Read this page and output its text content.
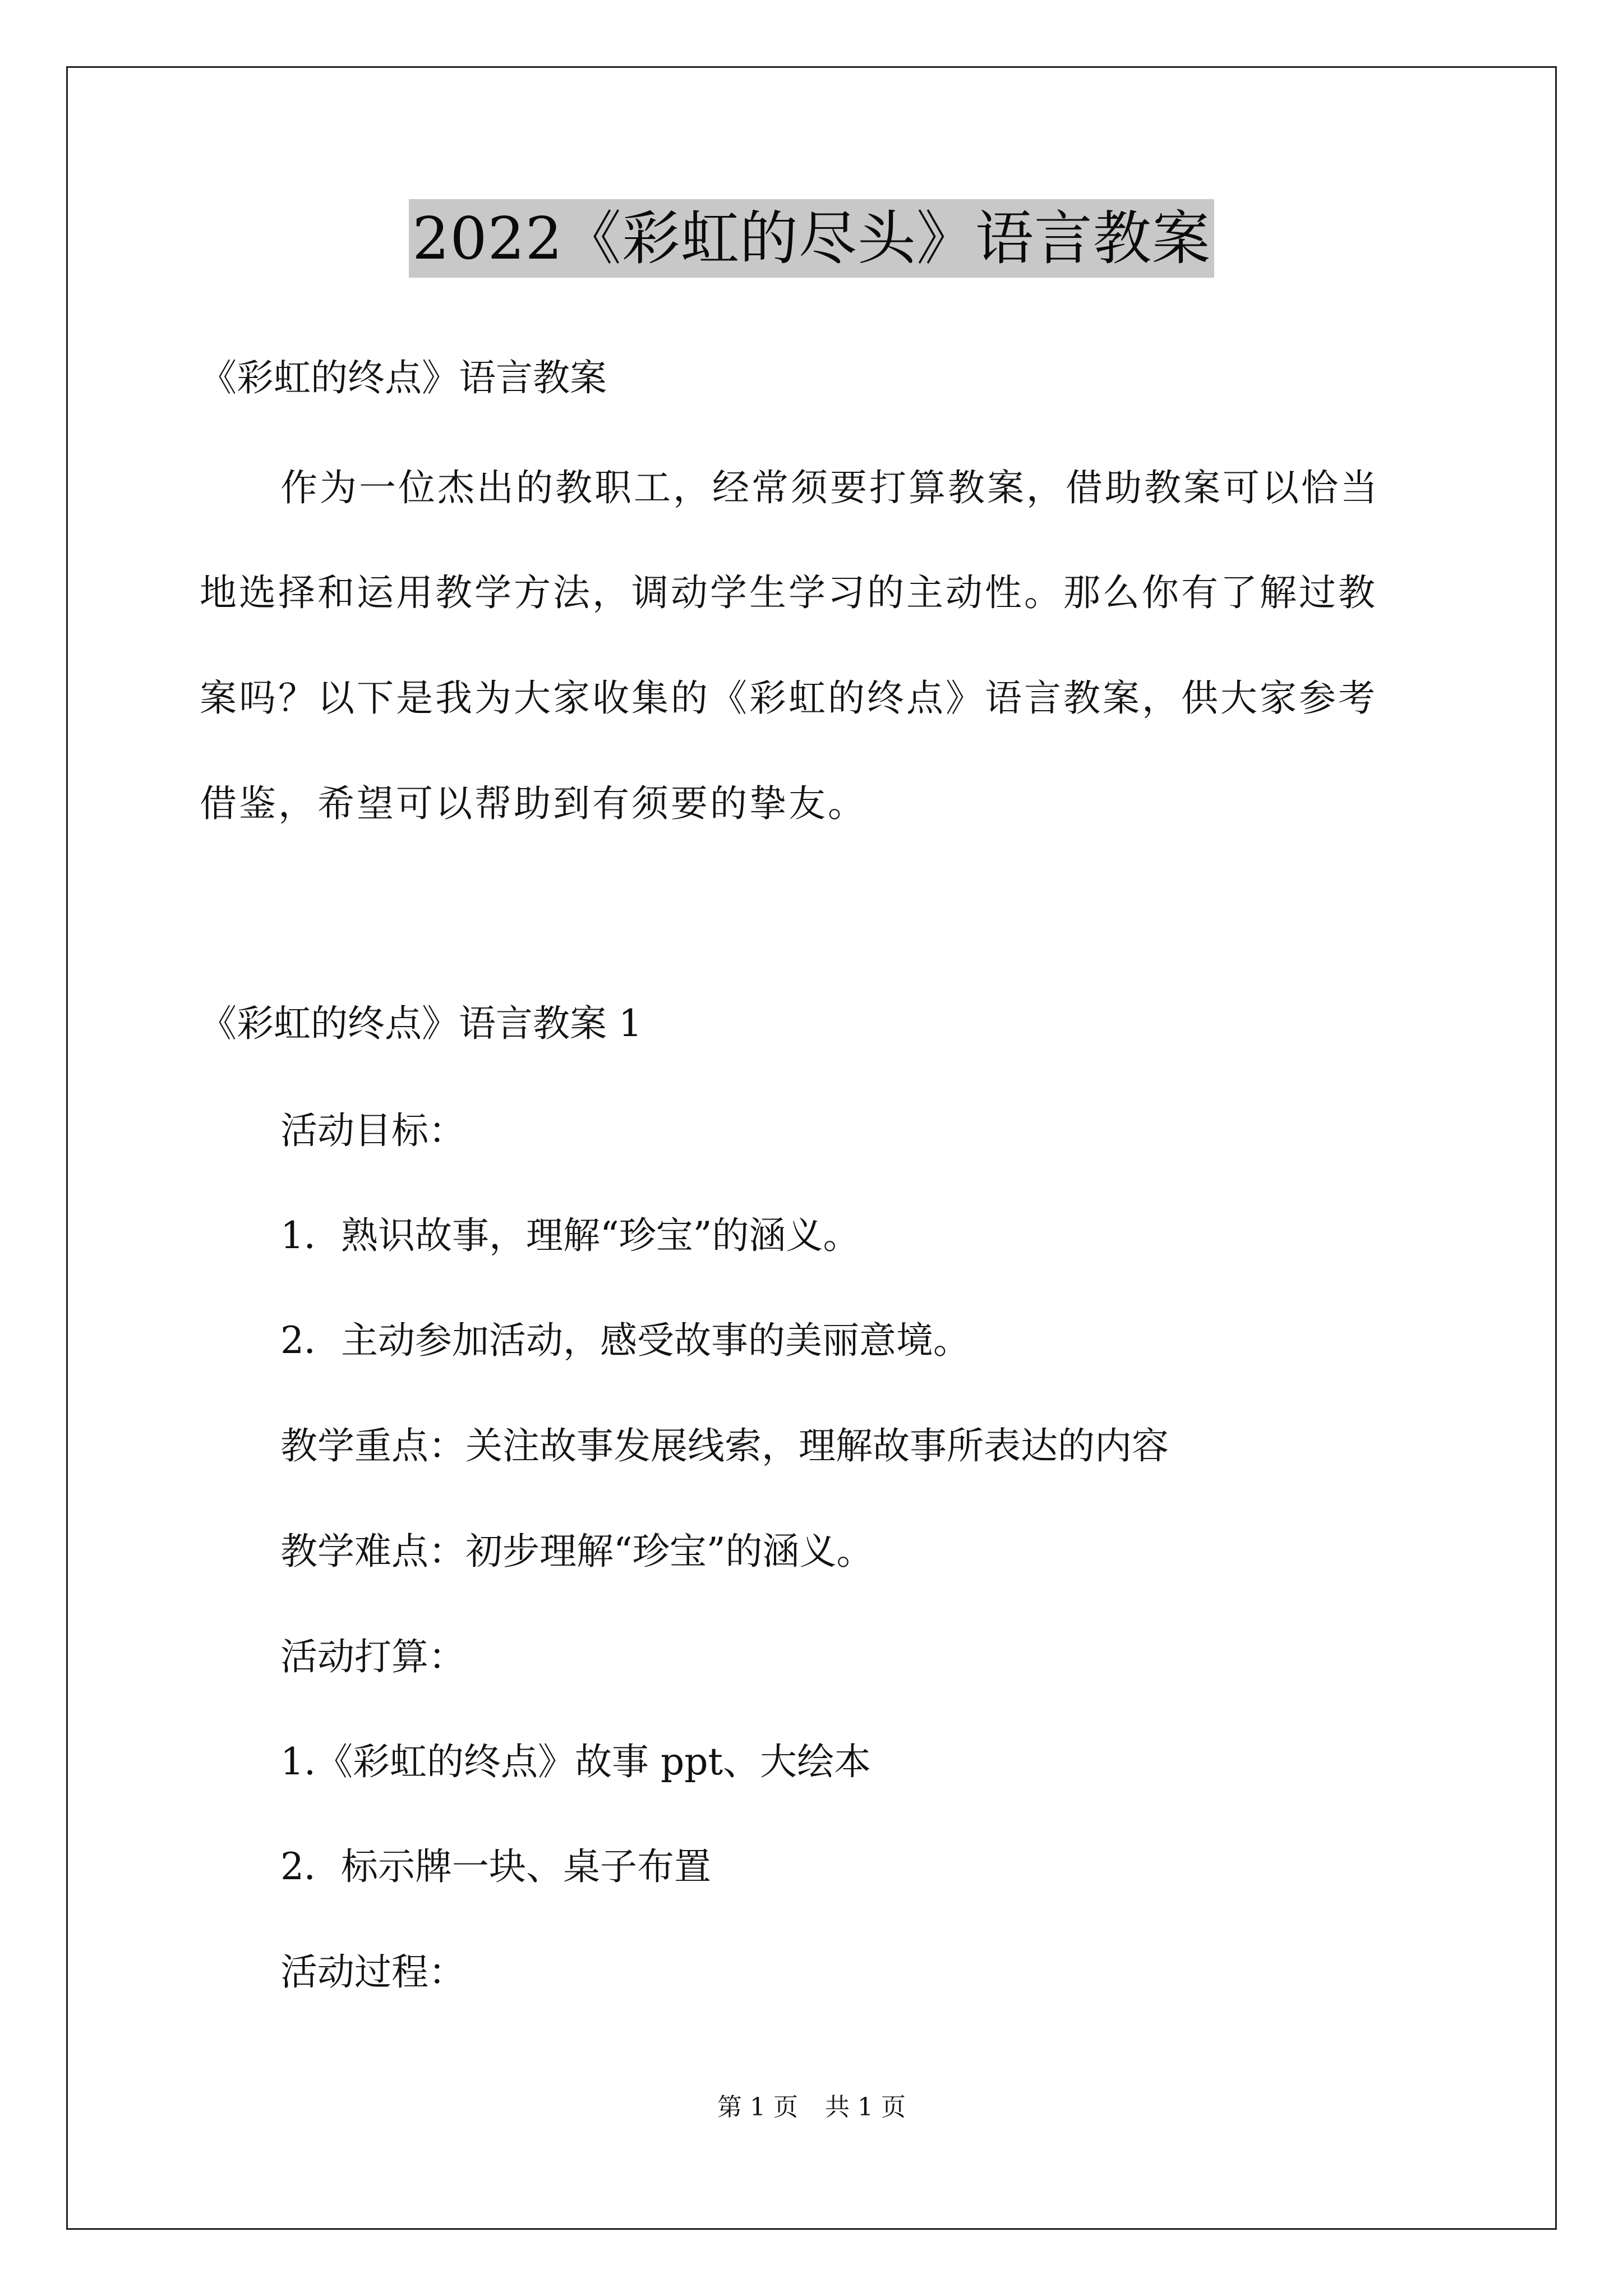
2022《彩虹的尽头》语言教案
《彩虹的终点》语言教案
作为一位杰出的教职工，经常须要打算教案，借助教案可以恰当
地选择和运用教学方法，调动学生学习的主动性。那么你有了解过教
案吗？以下是我为大家收集的《彩虹的终点》语言教案，供大家参考
借鉴，希望可以帮助到有须要的挚友。
《彩虹的终点》语言教案 1
活动目标：
1．熟识故事，理解“珍宝”的涵义。
2．主动参加活动，感受故事的美丽意境。
教学重点：关注故事发展线索，理解故事所表达的内容
教学难点：初步理解“珍宝”的涵义。
活动打算：
1.《彩虹的终点》故事 ppt、大绘本
2．标示牌一块、桌子布置
活动过程：
第 1 页 共 1 页
